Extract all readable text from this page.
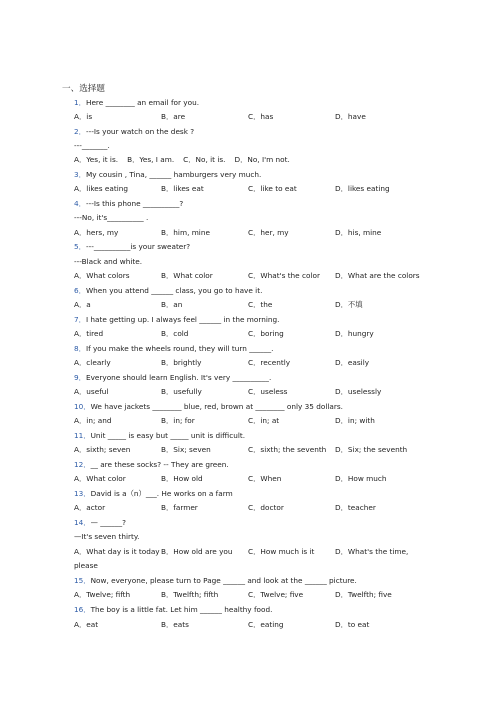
一、选择题
1．Here ________ an email for you.
A．is	B．are	C．has	D．have
2．---Is your watch on the desk ?
---_______.
A．Yes, it is. B．Yes, I am. C．No, it is. D．No, I'm not.
3．My cousin , Tina, ______ hamburgers very much.
A．likes eating	B．likes eat	C．like to eat	D．likes eating
4．---Is this phone __________?
---No, it's__________ .
A．hers, my	B．him, mine	C．her, my	D．his, mine
5．---__________is your sweater?
---Black and white.
A．What colors	B．What color	C．What's the color D．What are the colors
6．When you attend ______ class, you go to have it.
A．a	B．an	C．the	D．不填
7．I hate getting up. I always feel ______ in the morning.
A．tired	B．cold	C．boring	D．hungry
8．If you make the wheels round, they will turn ______.
A．clearly	B．brightly	C．recently	D．easily
9．Everyone should learn English. It's very __________.
A．useful	B．usefully	C．useless	D．uselessly
10．We have jackets ________ blue, red, brown at ________ only 35 dollars.
A．in; and	B．in; for	C．in; at	D．in; with
11．Unit _____ is easy but _____ unit is difficult.
A．sixth; seven	B．Six; seven	C．sixth; the seventh D．Six; the seventh
12．__ are these socks? -- They are green.
A．What color	B．How old	C．When	D．How much
13．David is a（n）___. He works on a farm
A．actor	B．farmer	C．doctor	D．teacher
14．— ______?
—It's seven thirty.
A．What day is it today B．How old are you C．How much is it	D．What's the time,
please
15．Now, everyone, please turn to Page ______ and look at the ______ picture.
A．Twelve; fifth	B．Twelfth; fifth	C．Twelve; five	D．Twelfth; five
16．The boy is a little fat. Let him ______ healthy food.
A．eat	B．eats	C．eating	D．to eat
